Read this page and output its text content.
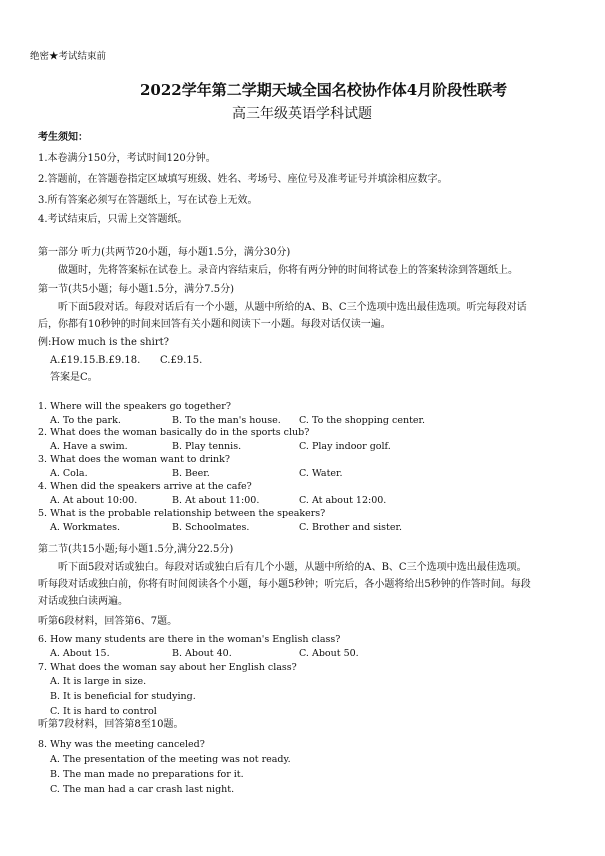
绝密★考试结束前
2022学年第二学期天域全国名校协作体4月阶段性联考
高三年级英语学科试题
考生须知：
1.本卷满分150分，考试时间120分钟。
2.答题前，在答题卷指定区域填写班级、姓名、考场号、座位号及准考证号并填涂相应数字。
3.所有答案必须写在答题纸上，写在试卷上无效。
4.考试结束后，只需上交答题纸。
第一部分 听力(共两节20小题，每小题1.5分，满分30分)
做题时，先将答案标在试卷上。录音内容结束后，你将有两分钟的时间将试卷上的答案转涂到答题纸上。
第一节(共5小题；每小题1.5分，满分7.5分)
听下面5段对话。每段对话后有一个小题，从题中所给的A、B、C三个选项中选出最佳选项。听完每段对话
后，你都有10秒钟的时间来回答有关小题和阅读下一小题。每段对话仅读一遍。
例:How much is the shirt?
A.£19.15. B.£9.18. C.£9.15.
答案是C。
1. Where will the speakers go together?
A. To the park.	B. To the man's house. C. To the shopping center.
2. What does the woman basically do in the sports club?
A. Have a swim.	B. Play tennis.	C. Play indoor golf.
3. What does the woman want to drink?
A. Cola.	B. Beer.	C. Water.
4. When did the speakers arrive at the cafe?
A. At about 10:00.	B. At about 11:00.	C. At about 12:00.
5. What is the probable relationship between the speakers?
A. Workmates.	B. Schoolmates.	C. Brother and sister.
第二节(共15小题;每小题1.5分,满分22.5分)
听下面5段对话或独白。每段对话或独白后有几个小题，从题中所给的A、B、C三个选项中选出最佳选项。
听每段对话或独白前，你将有时间阅读各个小题，每小题5秒钟；听完后，各小题将给出5秒钟的作答时间。每段
对话或独白读两遍。
听第6段材料，回答第6、7题。
6. How many students are there in the woman's English class?
A. About 15.	B. About 40.	C. About 50.
7. What does the woman say about her English class?
A. It is large in size.
B. It is beneficial for studying.
C. It is hard to control
听第7段材料，回答第8至10题。
8. Why was the meeting canceled?
A. The presentation of the meeting was not ready.
B. The man made no preparations for it.
C. The man had a car crash last night.
